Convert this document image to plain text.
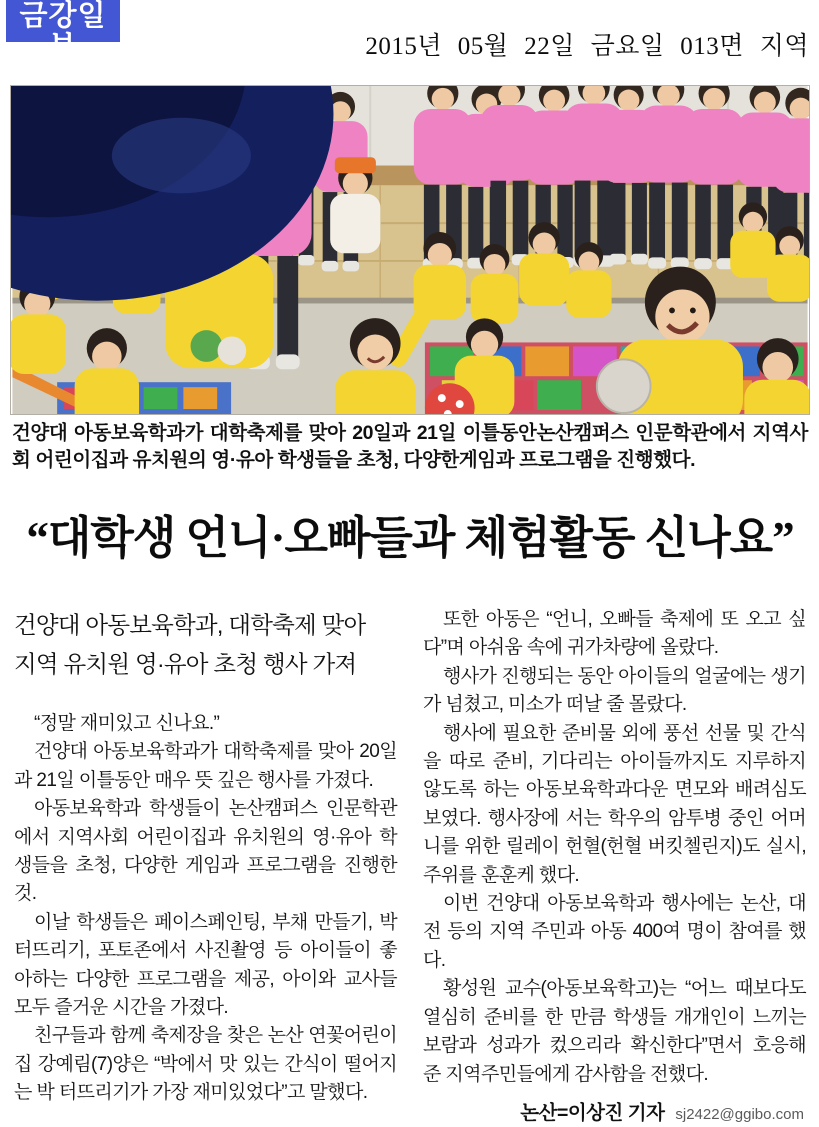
금강일보
ggilbo.com
2015년 05월 22일 금요일 013면 지역

건양대 아동보육학과가 대학축제를 맞아 20일과 21일 이틀동안논산캠퍼스 인문학관에서 지역사회 어린이집과 유치원의 영·유아 학생들을 초청, 다양한게임과 프로그램을 진행했다.

“대학생 언니·오빠들과 체험활동 신나요”
건양대 아동보육학과, 대학축제 맞아
지역 유치원 영·유아 초청 행사 가져

“정말 재미있고 신나요.”

건양대 아동보육학과가 대학축제를 맞아 20일과 21일 이틀동안 매우 뜻 깊은 행사를 가졌다.

아동보육학과 학생들이 논산캠퍼스 인문학관에서 지역사회 어린이집과 유치원의 영·유아 학생들을 초청, 다양한 게임과 프로그램을 진행한 것.

이날 학생들은 페이스페인팅, 부채 만들기, 박 터뜨리기, 포토존에서 사진촬영 등 아이들이 좋아하는 다양한 프로그램을 제공, 아이와 교사들 모두 즐거운 시간을 가졌다.

친구들과 함께 축제장을 찾은 논산 연꽃어린이집 강예림(7)양은 “박에서 맛 있는 간식이 떨어지는 박 터뜨리기가 가장 재미있었다”고 말했다.

또한 아동은 “언니, 오빠들 축제에 또 오고 싶다”며 아쉬움 속에 귀가차량에 올랐다.

행사가 진행되는 동안 아이들의 얼굴에는 생기가 넘쳤고, 미소가 떠날 줄 몰랐다.

행사에 필요한 준비물 외에 풍선 선물 및 간식을 따로 준비, 기다리는 아이들까지도 지루하지 않도록 하는 아동보육학과다운 면모와 배려심도 보였다. 행사장에 서는 학우의 암투병 중인 어머니를 위한 릴레이 헌혈(헌혈 버킷첼린지)도 실시, 주위를 훈훈케 했다.

이번 건양대 아동보육학과 행사에는 논산, 대전 등의 지역 주민과 아동 400여 명이 참여를 했다.

황성원 교수(아동보육학고)는 “어느 때보다도 열심히 준비를 한 만큼 학생들 개개인이 느끼는 보람과 성과가 컸으리라 확신한다”면서 호응해 준 지역주민들에게 감사함을 전했다.

논산=이상진 기자 sj2422@ggibo.com
